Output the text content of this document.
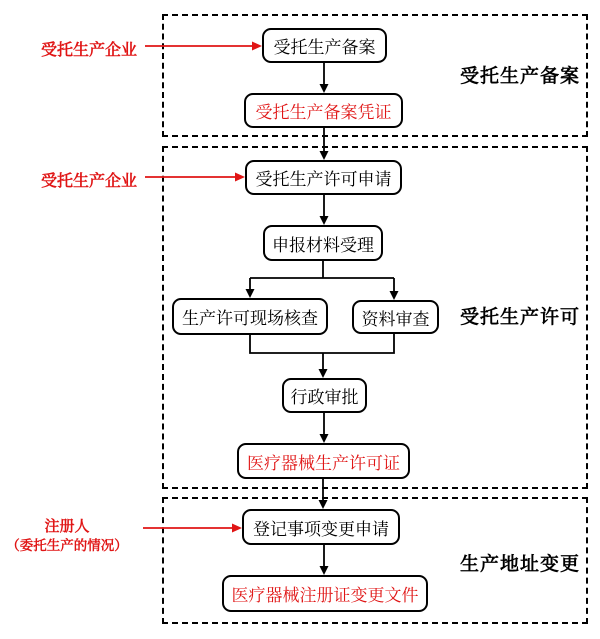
受托生产备案
受托生产许可
生产地址变更
受托生产备案
受托生产备案凭证
受托生产许可申请
申报材料受理
生产许可现场核查	资料审查
行政审批
医疗器械生产许可证
登记事项变更申请
医疗器械注册证变更文件
受托生产企业
受托生产企业
注册人
（委托生产的情况）
